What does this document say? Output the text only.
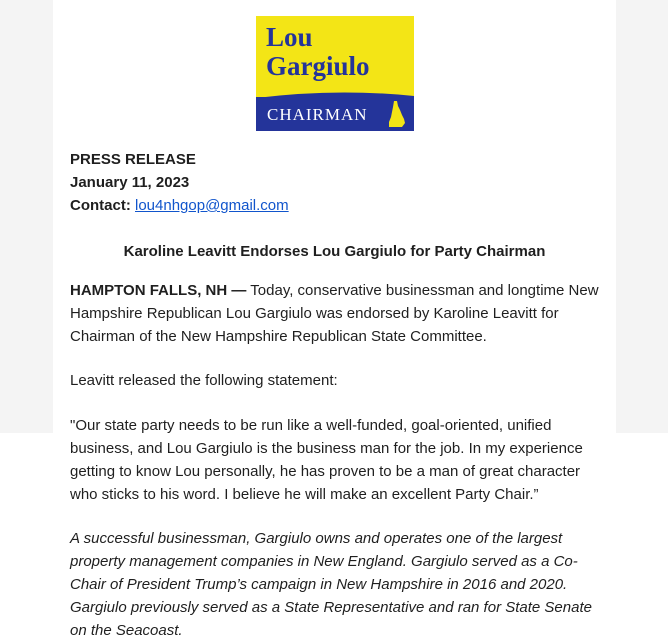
Lou
Gargiulo
CHAIRMAN

PRESS RELEASE

January 11, 2023

Contact: lou4nhgop@gmail.com

Karoline Leavitt Endorses Lou Gargiulo for Party Chairman

HAMPTON FALLS, NH — Today, conservative businessman and longtime New Hampshire Republican Lou Gargiulo was endorsed by Karoline Leavitt for Chairman of the New Hampshire Republican State Committee.

Leavitt released the following statement:

"Our state party needs to be run like a well-funded, goal-oriented, unified business, and Lou Gargiulo is the business man for the job. In my experience getting to know Lou personally, he has proven to be a man of great character who sticks to his word. I believe he will make an excellent Party Chair.”

A successful businessman, Gargiulo owns and operates one of the largest property management companies in New England. Gargiulo served as a Co-Chair of President Trump’s campaign in New Hampshire in 2016 and 2020. Gargiulo previously served as a State Representative and ran for State Senate on the Seacoast.
